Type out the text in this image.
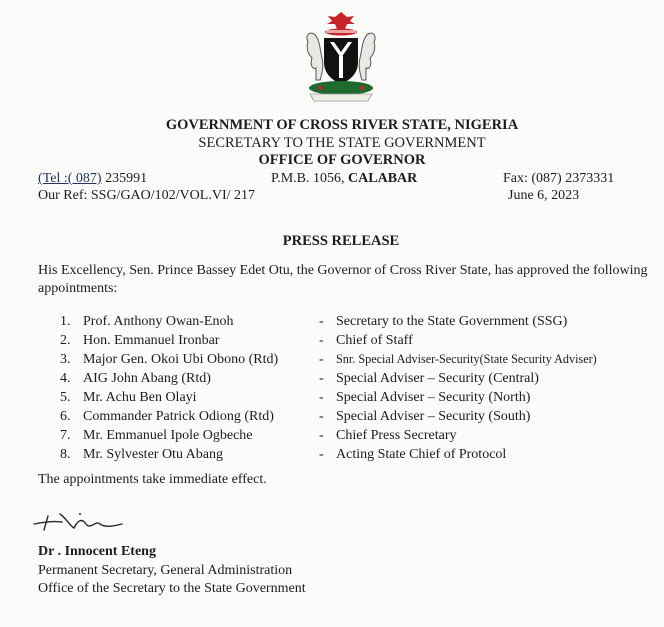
GOVERNMENT OF CROSS RIVER STATE, NIGERIA
SECRETARY TO THE STATE GOVERNMENT
OFFICE OF GOVERNOR
(Tel :( 087) 235991	P.M.B. 1056, CALABAR	Fax: (087) 2373331
Our Ref: SSG/GAO/102/VOL.VI/ 217	June 6, 2023
PRESS RELEASE
His Excellency, Sen. Prince Bassey Edet Otu, the Governor of Cross River State, has approved the following appointments:
1. Prof. Anthony Owan-Enoh	- Secretary to the State Government (SSG)
2. Hon. Emmanuel Ironbar	- Chief of Staff
3. Major Gen. Okoi Ubi Obono (Rtd)	- Snr. Special Adviser-Security(State Security Adviser)
4. AIG John Abang (Rtd)	- Special Adviser – Security (Central)
5. Mr. Achu Ben Olayi	- Special Adviser – Security (North)
6. Commander Patrick Odiong (Rtd)	- Special Adviser – Security (South)
7. Mr. Emmanuel Ipole Ogbeche	- Chief Press Secretary
8. Mr. Sylvester Otu Abang	- Acting State Chief of Protocol
The appointments take immediate effect.
Dr . Innocent Eteng
Permanent Secretary, General Administration
Office of the Secretary to the State Government
